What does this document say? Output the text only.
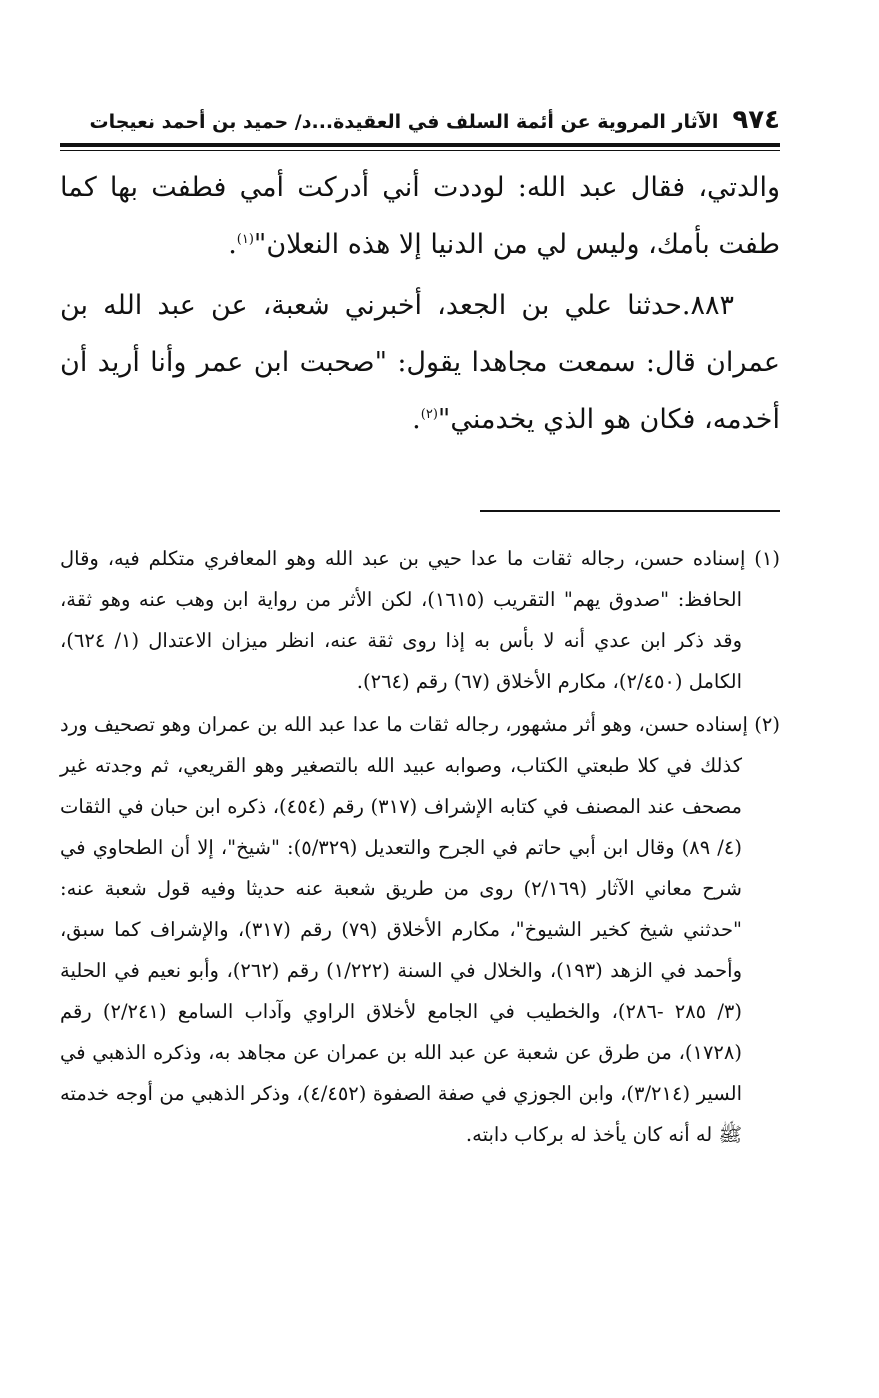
٩٧٤
الآثار المروية عن أئمة السلف في العقيدة...د/ حميد بن أحمد نعيجات

والدتي، فقال عبد الله: لوددت أني أدركت أمي فطفت بها كما طفت بأمك، وليس لي من الدنيا إلا هذه النعلان"$^{(١)}$.

٨٨٣.حدثنا علي بن الجعد، أخبرني شعبة، عن عبد الله بن عمران قال: سمعت مجاهدا يقول: "صحبت ابن عمر وأنا أريد أن أخدمه، فكان هو الذي يخدمني"$^{(٢)}$.

(١) إسناده حسن، رجاله ثقات ما عدا حيي بن عبد الله وهو المعافري متكلم فيه، وقال الحافظ: "صدوق يهم" التقريب (١٦١٥)، لكن الأثر من رواية ابن وهب عنه وهو ثقة، وقد ذكر ابن عدي أنه لا بأس به إذا روى ثقة عنه، انظر ميزان الاعتدال (١/ ٦٢٤)، الكامل (٢/٤٥٠)، مكارم الأخلاق (٦٧) رقم (٢٦٤).

(٢) إسناده حسن، وهو أثر مشهور، رجاله ثقات ما عدا عبد الله بن عمران وهو تصحيف ورد كذلك في كلا طبعتي الكتاب، وصوابه عبيد الله بالتصغير وهو القريعي، ثم وجدته غير مصحف عند المصنف في كتابه الإشراف (٣١٧) رقم (٤٥٤)، ذكره ابن حبان في الثقات (٤/ ٨٩) وقال ابن أبي حاتم في الجرح والتعديل (٥/٣٢٩): "شيخ"، إلا أن الطحاوي في شرح معاني الآثار (٢/١٦٩) روى من طريق شعبة عنه حديثا وفيه قول شعبة عنه: "حدثني شيخ كخير الشيوخ"، مكارم الأخلاق (٧٩) رقم (٣١٧)، والإشراف كما سبق، وأحمد في الزهد (١٩٣)، والخلال في السنة (١/٢٢٢) رقم (٢٦٢)، وأبو نعيم في الحلية (٣/ ٢٨٥ -٢٨٦)، والخطيب في الجامع لأخلاق الراوي وآداب السامع (٢/٢٤١) رقم (١٧٢٨)، من طرق عن شعبة عن عبد الله بن عمران عن مجاهد به، وذكره الذهبي في السير (٣/٢١٤)، وابن الجوزي في صفة الصفوة (٤/٤٥٢)، وذكر الذهبي من أوجه خدمته ﷺ له أنه كان يأخذ له بركاب دابته.
